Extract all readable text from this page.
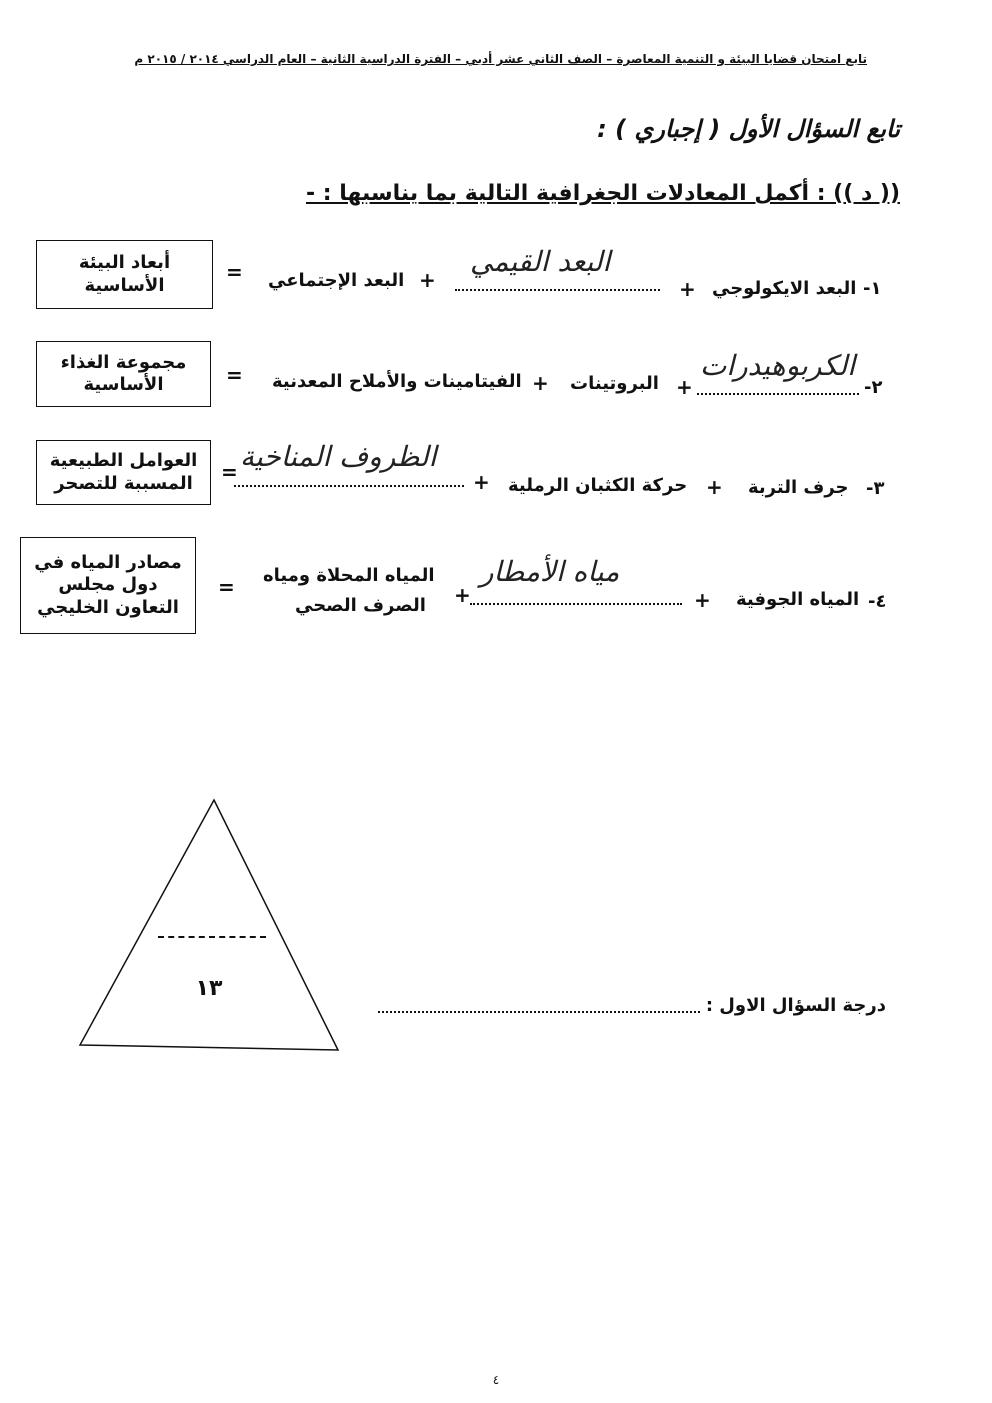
تابع امتحان قضايا البيئة و التنمية المعاصرة – الصف الثاني عشر أدبي – الفترة الدراسية الثانية – العام الدراسي ٢٠١٤ / ٢٠١٥ م
تابع السؤال الأول ( إجباري ) :
(( د )) : أكمل المعادلات الجغرافية التالية بما يناسبها : -
أبعاد البيئة الأساسية
= البعد الإجتماعي +
البعد القيمي
+ البعد الايكولوجي ١-
مجموعة الغذاء الأساسية	= الفيتامينات والأملاح المعدنية + البروتينات +
الكربوهيدرات
٢-
العوامل الطبيعية المسببة للتصحر	= الظروف المناخية
+ حركة الكثبان الرملية + جرف التربة ٣-
مصادر المياه في دول مجلس التعاون الخليجي
= المياه المحلاة ومياه
الصرف الصحي +
مياه الأمطار
+ المياه الجوفية ٤-
١٣
درجة السؤال الاول :
٤
